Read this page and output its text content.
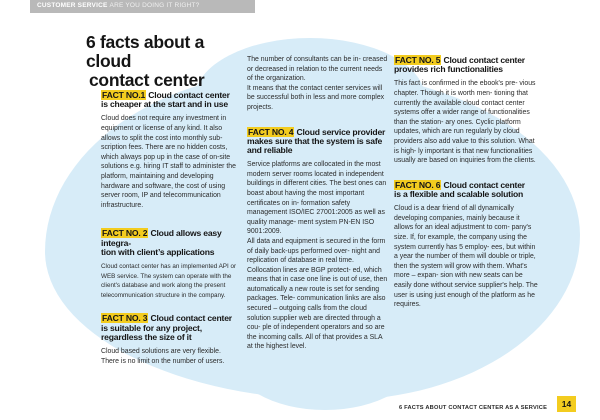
CUSTOMER SERVICE ARE YOU DOING IT RIGHT?
6 facts about a cloud
contact center

FACT NO.1 Cloud contact center
is cheaper at the start and in use

Cloud does not require any investment in equipment or license of any kind. It also allows to split the cost into monthly sub- scription fees. There are no hidden costs, which always pop up in the case of on-site solutions e.g. hiring IT staff to administer the platform, maintaining and developing hardware and software, the cost of using server room, IP and telecommunication infrastructure.

FACT NO. 2 Cloud allows easy integra-
tion with client’s applications

Cloud contact center has an implemented API or WEB service. The system can operate with the client's database and work along the present telecommunication structure in the company.

FACT NO. 3 Cloud contact center
is suitable for any project, regardless the size of it

Cloud based solutions are very flexible. There is no limit on the number of users.

The number of consultants can be in- creased or decreased in relation to the current needs of the organization.

It means that the contact center services will be successful both in less and more complex projects.

FACT NO. 4 Cloud service provider
makes sure that the system is safe and reliable

Service platforms are collocated in the most modern server rooms located in independent buildings in different cities. The best ones can boast about having the most important certificates on in- formation safety management ISO/IEC 27001:2005 as well as quality manage- ment system PN-EN ISO 9001:2009.

All data and equipment is secured in the form of daily back-ups performed over- night and replication of database in real time. Collocation lines are BGP protect- ed, which means that in case one line is out of use, then automatically a new route is set for sending packages. Tele- communication links are also secured – outgoing calls from the cloud solution supplier web are directed through a cou- ple of independent operators and so are the incoming calls. All of that provides a SLA at the highest level.

FACT NO. 5 Cloud contact center
provides rich functionalities

This fact is confirmed in the ebook's pre- vious chapter. Though it is worth men- tioning that currently the available cloud contact center systems offer a wider range of functionalities than the station- ary ones. Cyclic platform updates, which are run regularly by cloud providers also add value to this solution. What is high- ly important is that new functionalities usually are based on inquiries from the clients.

FACT NO. 6 Cloud contact center
is a flexible and scalable solution

Cloud is a dear friend of all dynamically developing companies, mainly because it allows for an ideal adjustment to com- pany's size. If, for example, the company using the system currently has 5 employ- ees, but within a year the number of them will double or triple, then the system will grow with them. What's more – expan- sion with new seats can be easily done without service supplier's help. The user is using just enough of the platform as he requires.

6 FACTS ABOUT CONTACT CENTER AS A SERVICE	14
